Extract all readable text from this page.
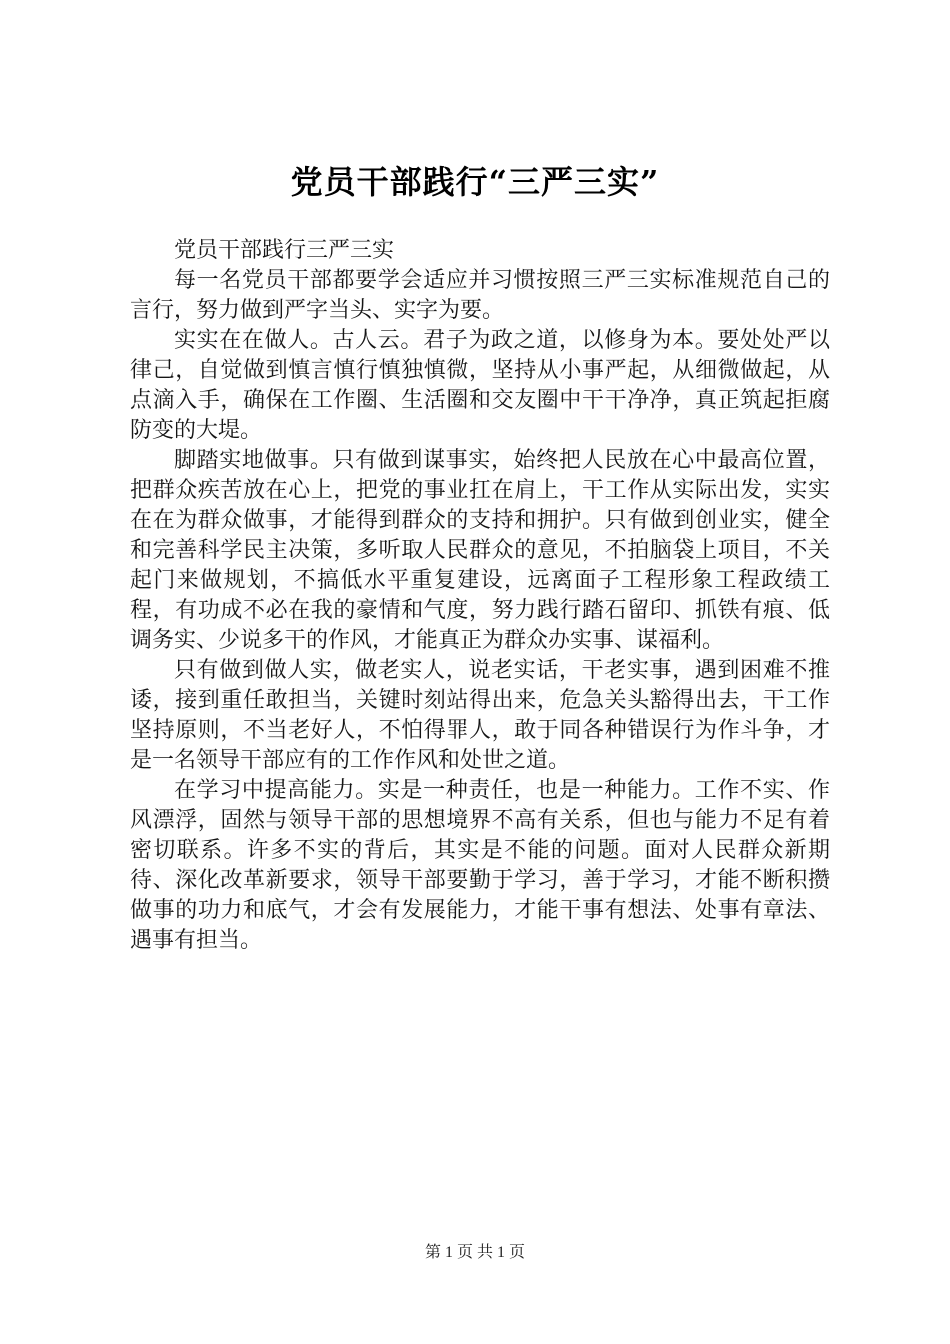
党员干部践行“三严三实”

党员干部践行三严三实

每一名党员干部都要学会适应并习惯按照三严三实标准规范自己的言行，努力做到严字当头、实字为要。

实实在在做人。古人云。君子为政之道，以修身为本。要处处严以律己，自觉做到慎言慎行慎独慎微，坚持从小事严起，从细微做起，从点滴入手，确保在工作圈、生活圈和交友圈中干干净净，真正筑起拒腐防变的大堤。

脚踏实地做事。只有做到谋事实，始终把人民放在心中最高位置，把群众疾苦放在心上，把党的事业扛在肩上，干工作从实际出发，实实在在为群众做事，才能得到群众的支持和拥护。只有做到创业实，健全和完善科学民主决策，多听取人民群众的意见，不拍脑袋上项目，不关起门来做规划，不搞低水平重复建设，远离面子工程形象工程政绩工程，有功成不必在我的豪情和气度，努力践行踏石留印、抓铁有痕、低调务实、少说多干的作风，才能真正为群众办实事、谋福利。

只有做到做人实，做老实人，说老实话，干老实事，遇到困难不推诿，接到重任敢担当，关键时刻站得出来，危急关头豁得出去，干工作坚持原则，不当老好人，不怕得罪人，敢于同各种错误行为作斗争，才是一名领导干部应有的工作作风和处世之道。

在学习中提高能力。实是一种责任，也是一种能力。工作不实、作风漂浮，固然与领导干部的思想境界不高有关系，但也与能力不足有着密切联系。许多不实的背后，其实是不能的问题。面对人民群众新期待、深化改革新要求，领导干部要勤于学习，善于学习，才能不断积攒做事的功力和底气，才会有发展能力，才能干事有想法、处事有章法、遇事有担当。

第 1 页 共 1 页
